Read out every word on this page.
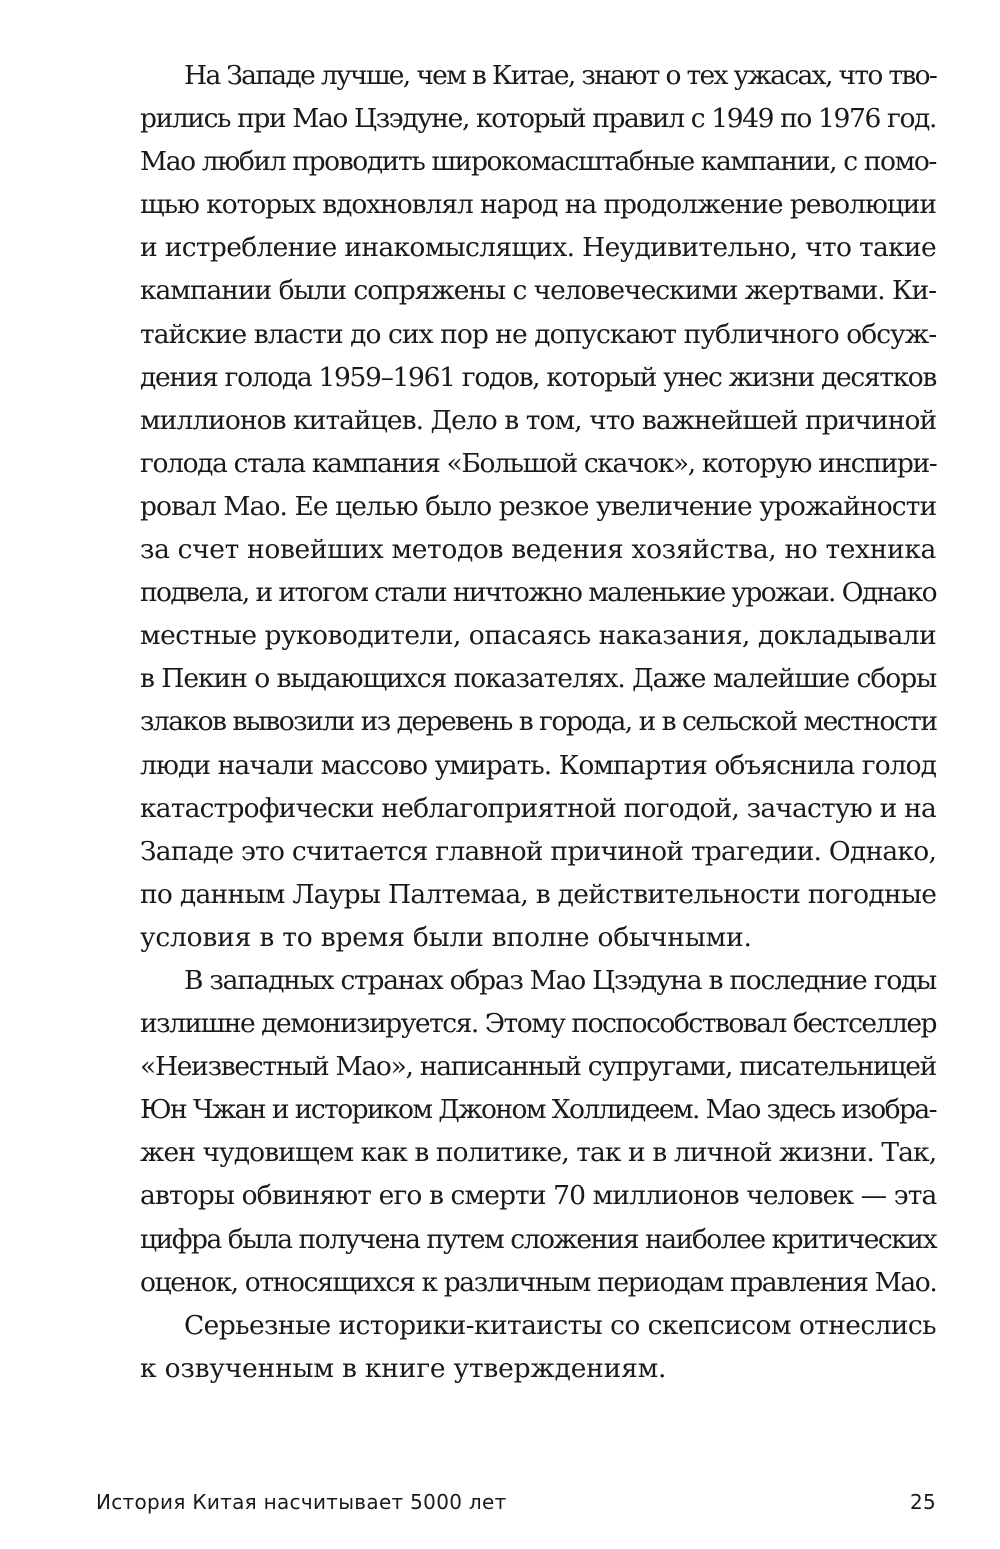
На Западе лучше, чем в Китае, знают о тех ужасах, что тво-
рились при Мао Цзэдуне, который правил с 1949 по 1976 год.
Мао любил проводить широкомасштабные кампании, с помо-
щью которых вдохновлял народ на продолжение революции
и истребление инакомыслящих. Неудивительно, что такие
кампании были сопряжены с человеческими жертвами. Ки-
тайские власти до сих пор не допускают публичного обсуж-
дения голода 1959–1961 годов, который унес жизни десятков
миллионов китайцев. Дело в том, что важнейшей причиной
голода стала кампания «Большой скачок», которую инспири-
ровал Мао. Ее целью было резкое увеличение урожайности
за счет новейших методов ведения хозяйства, но техника
подвела, и итогом стали ничтожно маленькие урожаи. Однако
местные руководители, опасаясь наказания, докладывали
в Пекин о выдающихся показателях. Даже малейшие сборы
злаков вывозили из деревень в города, и в сельской местности
люди начали массово умирать. Компартия объяснила голод
катастрофически неблагоприятной погодой, зачастую и на
Западе это считается главной причиной трагедии. Однако,
по данным Лауры Палтемаа, в действительности погодные
условия в то время были вполне обычными.

В западных странах образ Мао Цзэдуна в последние годы
излишне демонизируется. Этому поспособствовал бестселлер
«Неизвестный Мао», написанный супругами, писательницей
Юн Чжан и историком Джоном Холлидеем. Мао здесь изобра-
жен чудовищем как в политике, так и в личной жизни. Так,
авторы обвиняют его в смерти 70 миллионов человек — эта
цифра была получена путем сложения наиболее критических
оценок, относящихся к различным периодам правления Мао.

Серьезные историки-китаисты со скепсисом отнеслись
к озвученным в книге утверждениям.

История Китая насчитывает 5000 лет	25
